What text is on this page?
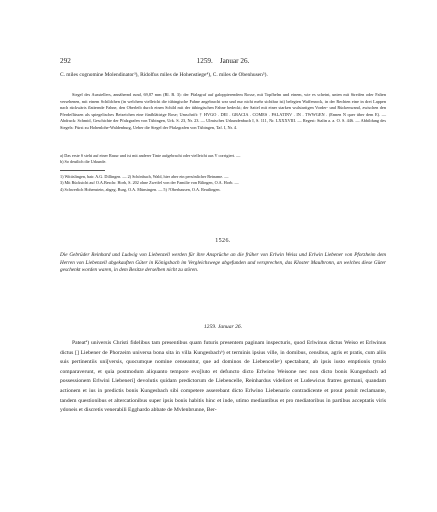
292	1259. Januar 26.

C. miles cognomine Molendinator³), Ridolfus miles de Hohenstiege⁴), C. miles de Obenhusen⁵).

Siegel des Ausstellers, annähernd rund, 69,87 mm (Bl. B. 3): der Pfalzgraf auf galoppierendem Rosse, mit Topfhelm und einem, wie es scheint, unten mit Streifen oder Falten versehenen, mit einem Schildchen (in welchem vielleicht die tübingische Fahne angebracht war und nur nicht mehr sichtbar ist) belegten Waffenrock, in der Rechten eine in drei Lappen nach rückwärts flatternde Fahne, den Oberleib durch einen Schild mit der tübingischen Fahne bedeckt; der Sattel mit einer starken wulstartigen Vorder- und Rückenwand, zwischen den Pferdeflüssen als spiegelisches Beizeichen eine fünfblättrige Rose; Umschrift: † HVGO . DEI . GRACIA . COMES . PALATINV . IN . TWWGEN . (Ennen N quer über dem E). — Abdruck: Schmid, Geschichte der Pfalzgrafen von Tübingen, Urk. S. 23, Nr. 23. — Ulmisches Urkundenbuch I, S. 111, Nr. LXXXVIII. — Regest: Stalin a. a. O. S. 446. — Abbildung des Siegels: Fürst zu Hohenlohe-Waldenburg, Ueber die Siegel der Pfalzgrafen von Tübingen, Taf. I, Nr. 4.

a) Das erste S steht auf einer Rasur und ist mit anderer Tinte aufgebracht oder vielleicht aus V corrigiert. —

b) So deutlich die Urkunde.

1) Wittislingen, bair. A.G. Dillingen. — 2) Schönbuch, Wald, hier aber ein persönlicher Beiname. —

3) Mit Rücksicht auf O.A.Beschr. Horb, S. 202 ohne Zweifel von der Familie von Bilingen, O.A. Horb. —

4) Schwerlich Hohenstein, abgeg. Burg, O.A. Münsingen. — 5) ?Oberhausen, O.A. Reutlingen.

1526.

Die Gebrüder Reinhard und Ludwig von Liebenzell werden für ihre Ansprüche an die früher von Erlwin Weiss und Erlwin Liebener von Pforzheim dem Herren von Liebenzell abgekauften Güter in Königsbach im Vergleichswege abgefunden und versprechen, das Kloster Maulbronn, an welches diese Güter geschenkt worden waren, in dem Besitze derselben nicht zu stören.

1259. Januar 26.

Pateatª) universis Christi fidelibus tam presentibus quam futuris presentem paginam inspecturis, quod Erlwinus dictus Weiso et Erlwinus dictus [] Liebener de Phorzeim universa bona sita in villa Kungesbachᵇ) et terminis ipsius ville, in domibus, censibus, agris et pratis, cum aliis suis pertinentiis uni[versis, quocumque nomine censeantur, que ad dominos de Liebencelleᶜ) spectabant, ab ipsis iusto emptionis tytulo comparaverunt, et quia postmodum aliquanto tempore evo[luto et defuncto dicto Erlwino Weisone nec non dicto bonis Kungesbach ad possessionem Erlwini Liebeneri] devolutis quidam predictorum de Liebencelle, Reinhardus videlicet et Ludewicus fratres germani, quandam actionem et ius in predictis bonis Kungesbach sibi competere asserebant dicto Erlwino Liebenario contradicente et prout potuit reclamante, tandem questionibus et altercationibus super ipsis bonis habitis hinc et inde, utimo mediantibus et pro mediatoribus in partibus acceptatis viris ydoneis et discretis venerabili Egghardo abbate de Mvlenbrunne, Ber-
